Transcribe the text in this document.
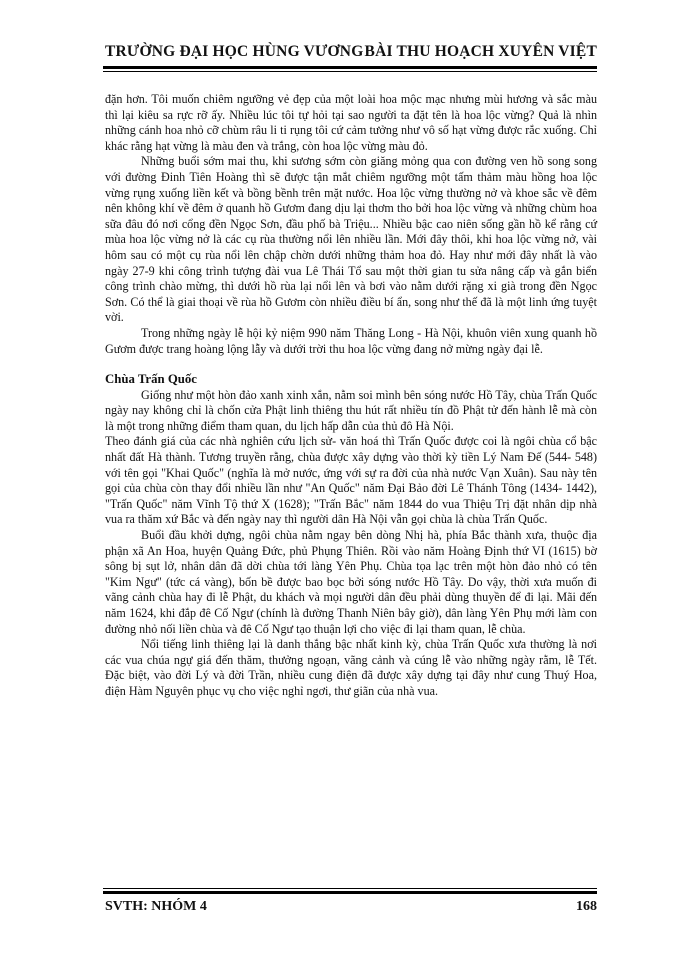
TRƯỜNG ĐẠI HỌC HÙNG VƯƠNG BÀI THU HOẠCH XUYÊN VIỆT

đặn hơn. Tôi muốn chiêm ngưỡng vẻ đẹp của một loài hoa mộc mạc nhưng mùi hương và sắc màu thì lại kiêu sa rực rỡ ấy. Nhiều lúc tôi tự hỏi tại sao người ta đặt tên là hoa lộc vừng? Quả là nhìn những cánh hoa nhỏ cỡ chùm râu li ti rụng tôi cứ cảm tưởng như vô số hạt vừng được rắc xuống. Chỉ khác rằng hạt vừng là màu đen và trắng, còn hoa lộc vừng màu đỏ.

Những buổi sớm mai thu, khi sương sớm còn giăng mỏng qua con đường ven hồ song song với đường Đinh Tiên Hoàng thì sẽ được tận mắt chiêm ngưỡng một tấm thảm màu hồng hoa lộc vừng rụng xuống liền kết và bồng bềnh trên mặt nước. Hoa lộc vừng thường nở và khoe sắc về đêm nên không khí về đêm ở quanh hồ Gươm đang dịu lại thơm tho bởi hoa lộc vừng và những chùm hoa sữa đâu đó nơi cổng đền Ngọc Sơn, đầu phố bà Triệu... Nhiều bậc cao niên sống gần hồ kể rằng cứ mùa hoa lộc vừng nở là các cụ rùa thường nổi lên nhiều lần. Mới đây thôi, khi hoa lộc vừng nở, vài hôm sau có một cụ rùa nổi lên chập chờn dưới những thảm hoa đỏ. Hay như mới đây nhất là vào ngày 27-9 khi công trình tượng đài vua Lê Thái Tổ sau một thời gian tu sửa nâng cấp và gắn biển công trình chào mừng, thì dưới hồ rùa lại nổi lên và bơi vào nằm dưới rặng xi già trong đền Ngọc Sơn. Có thể là giai thoại về rùa hồ Gươm còn nhiều điều bí ẩn, song như thế đã là một linh ứng tuyệt vời.

Trong những ngày lễ hội kỷ niệm 990 năm Thăng Long - Hà Nội, khuôn viên xung quanh hồ Gươm được trang hoàng lộng lẫy và dưới trời thu hoa lộc vừng đang nở mừng ngày đại lễ.

Chùa Trấn Quốc

Giống như một hòn đảo xanh xinh xắn, nằm soi mình bên sóng nước Hồ Tây, chùa Trấn Quốc ngày nay không chỉ là chốn cửa Phật linh thiêng thu hút rất nhiều tín đồ Phật tử đến hành lễ mà còn là một trong những điểm tham quan, du lịch hấp dẫn của thủ đô Hà Nội.

Theo đánh giá của các nhà nghiên cứu lịch sử- văn hoá thì Trấn Quốc được coi là ngôi chùa cổ bậc nhất đất Hà thành. Tương truyền rằng, chùa được xây dựng vào thời kỳ tiền Lý Nam Đế (544- 548) với tên gọi "Khai Quốc" (nghĩa là mở nước, ứng với sự ra đời của nhà nước Vạn Xuân). Sau này tên gọi của chùa còn thay đổi nhiều lần như "An Quốc" năm Đại Bảo đời Lê Thánh Tông (1434- 1442), "Trấn Quốc" năm Vĩnh Tộ thứ X (1628); "Trấn Bắc" năm 1844 do vua Thiệu Trị đặt nhân dịp nhà vua ra thăm xứ Bắc và đến ngày nay thì người dân Hà Nội vẫn gọi chùa là chùa Trấn Quốc.

Buổi đầu khởi dựng, ngôi chùa nằm ngay bên dòng Nhị hà, phía Bắc thành xưa, thuộc địa phận xã An Hoa, huyện Quảng Đức, phủ Phụng Thiên. Rồi vào năm Hoàng Định thứ VI (1615) bờ sông bị sụt lở, nhân dân đã dời chùa tới làng Yên Phụ. Chùa tọa lạc trên một hòn đảo nhỏ có tên "Kim Ngư" (tức cá vàng), bốn bề được bao bọc bởi sóng nước Hồ Tây. Do vậy, thời xưa muốn đi vãng cảnh chùa hay đi lễ Phật, du khách và mọi người dân đều phải dùng thuyền để đi lại. Mãi đến năm 1624, khi đắp đê Cố Ngư (chính là đường Thanh Niên bây giờ), dân làng Yên Phụ mới làm con đường nhỏ nối liền chùa và đê Cố Ngư tạo thuận lợi cho việc đi lại tham quan, lễ chùa.

Nổi tiếng linh thiêng lại là danh thắng bậc nhất kinh kỳ, chùa Trấn Quốc xưa thường là nơi các vua chúa ngự giá đến thăm, thưởng ngoạn, vãng cảnh và cúng lễ vào những ngày rằm, lễ Tết. Đặc biệt, vào đời Lý và đời Trần, nhiều cung điện đã được xây dựng tại đây như cung Thuý Hoa, điện Hàm Nguyên phục vụ cho việc nghỉ ngơi, thư giãn của nhà vua.

SVTH: NHÓM 4	168
